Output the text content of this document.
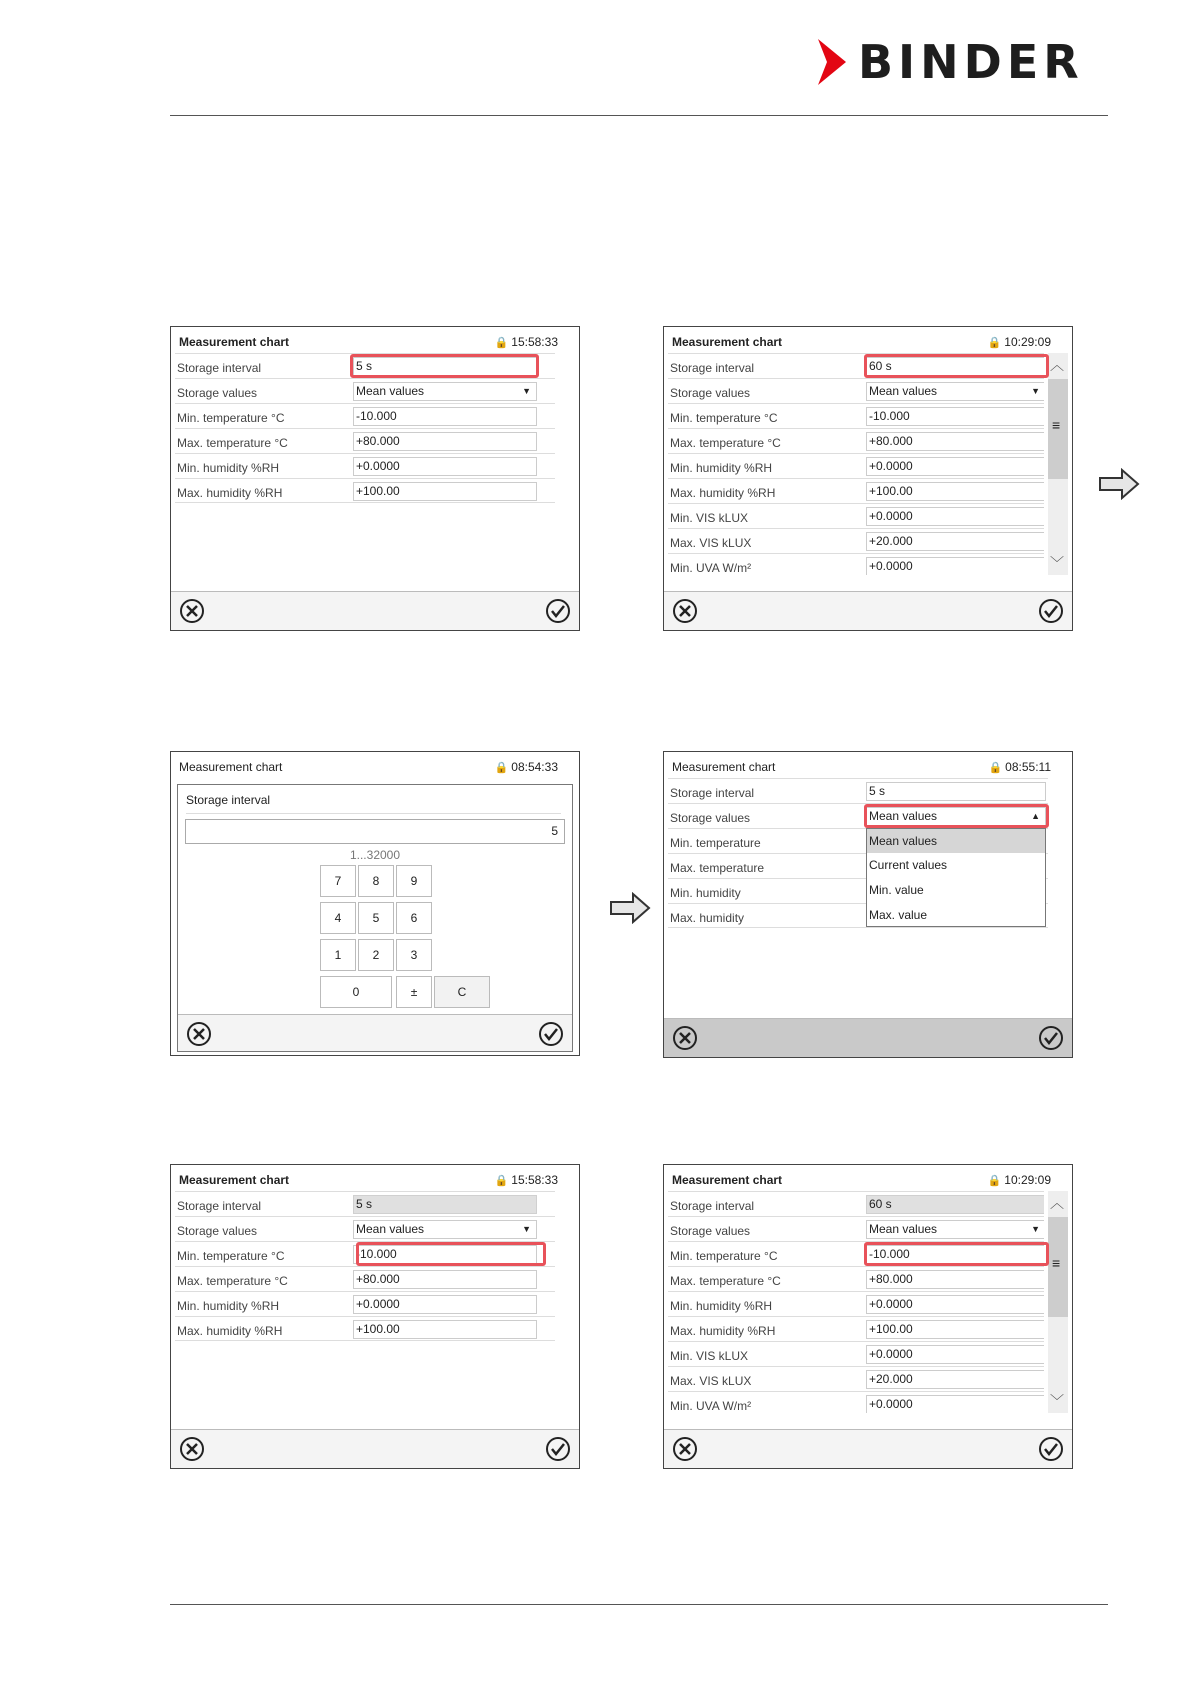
BINDER
Measurement chart	🔒 15:58:33
Storage interval	5 s
Storage values	Mean values	▼
Min. temperature °C	-10.000
Max. temperature °C	+80.000
Min. humidity %RH	+0.0000
Max. humidity %RH	+100.00
Measurement chart	🔒 10:29:09
Storage interval	60 s
Storage values	Mean values	▼
Min. temperature °C	-10.000
Max. temperature °C	+80.000
Min. humidity %RH	+0.0000
Max. humidity %RH	+100.00
Min. VIS kLUX	+0.0000
Max. VIS kLUX	+20.000
Min. UVA W/m²	+0.0000
︿
≡
﹀
Measurement chart	🔒 08:54:33
Storage interval
5
1...32000
7	8	9
4	5	6
1	2	3
0	±	C
Measurement chart	🔒 08:55:11
Storage interval	5 s
Storage values	Mean values	▲
Min. temperature
Max. temperature
Min. humidity
Max. humidity
Mean values
Current values
Min. value
Max. value
Measurement chart	🔒 15:58:33
Storage interval	5 s
Storage values	Mean values	▼
Min. temperature °C	-10.000
Max. temperature °C	+80.000
Min. humidity %RH	+0.0000
Max. humidity %RH	+100.00
Measurement chart	🔒 10:29:09
Storage interval	60 s
Storage values	Mean values	▼
Min. temperature °C	-10.000
Max. temperature °C	+80.000
Min. humidity %RH	+0.0000
Max. humidity %RH	+100.00
Min. VIS kLUX	+0.0000
Max. VIS kLUX	+20.000
Min. UVA W/m²	+0.0000
︿
≡
﹀
